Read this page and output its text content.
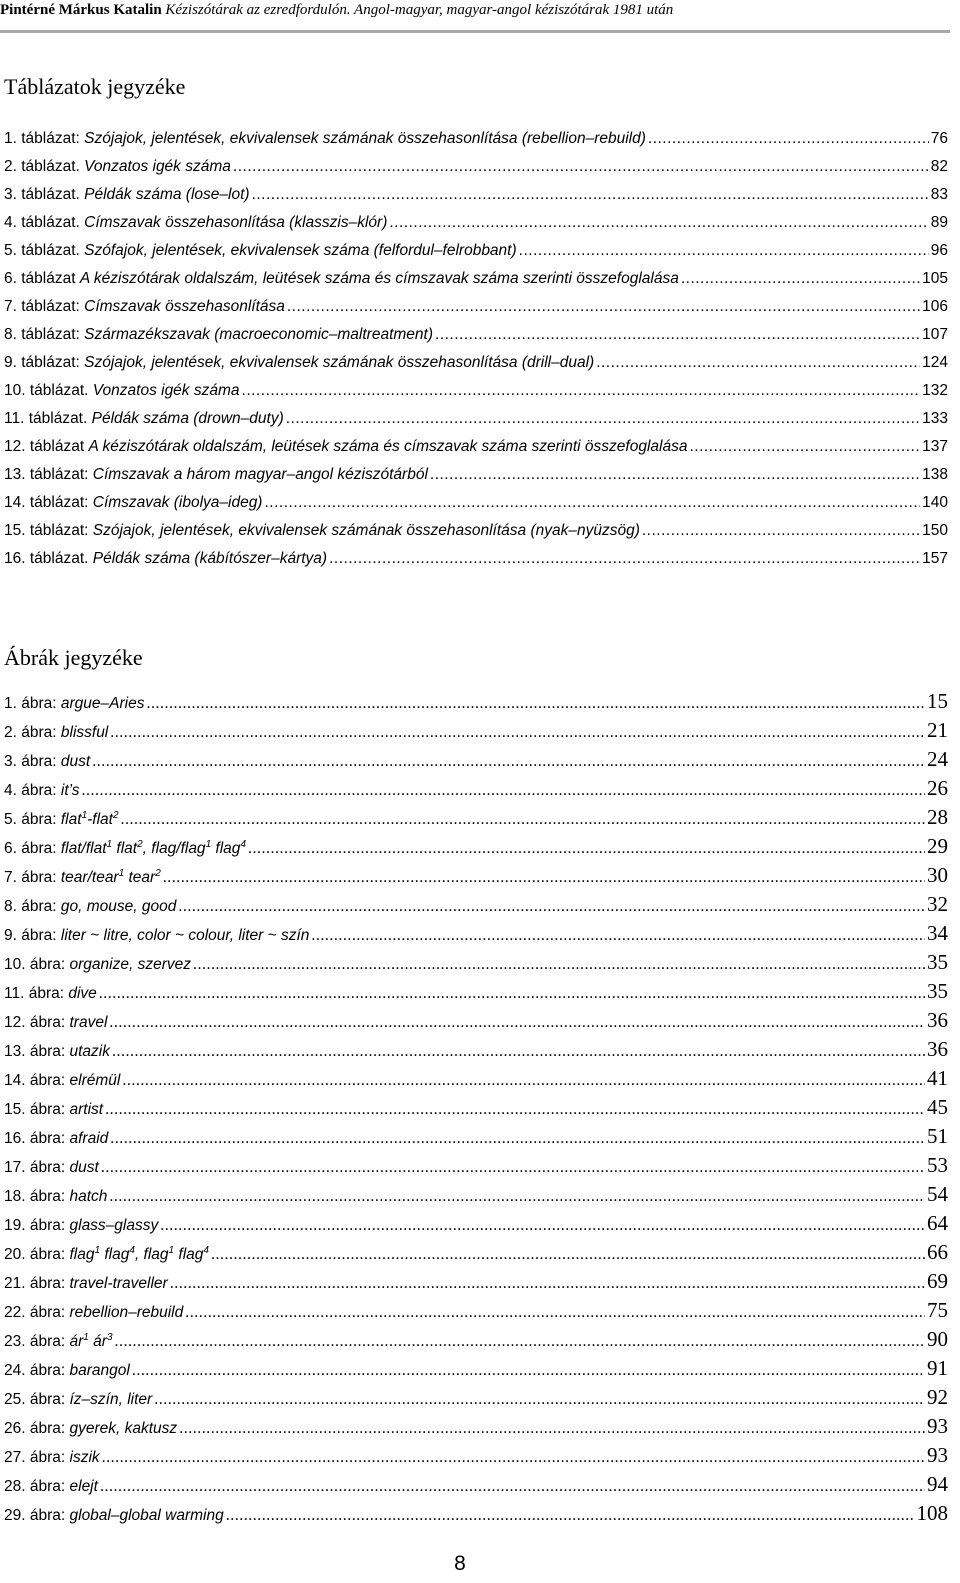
Pintérné Márkus Katalin Kéziszótárak az ezredfordulón. Angol-magyar, magyar-angol kéziszótárak 1981 után
Táblázatok jegyzéke
1. táblázat: Szójajok, jelentések, ekvivalensek számának összehasonlítása (rebellion–rebuild) .....	76
2. táblázat. Vonzatos igék száma .....	82
3. táblázat. Példák száma (lose–lot) .....	83
4. táblázat. Címszavak összehasonlítása (klasszis–klór) .....	89
5. táblázat. Szófajok, jelentések, ekvivalensek száma (felfordul–felrobbant) .....	96
6. táblázat A kéziszótárak oldalszám, leütések száma és címszavak száma szerinti összefoglalása .....	105
7. táblázat: Címszavak összehasonlítása .....	106
8. táblázat: Származékszavak (macroeconomic–maltreatment) .....	107
9. táblázat: Szójajok, jelentések, ekvivalensek számának összehasonlítása (drill–dual) .....	124
10. táblázat. Vonzatos igék száma .....	132
11. táblázat. Példák száma (drown–duty) .....	133
12. táblázat A kéziszótárak oldalszám, leütések száma és címszavak száma szerinti összefoglalása .....	137
13. táblázat: Címszavak a három magyar–angol kéziszótárból .....	138
14. táblázat: Címszavak (ibolya–ideg) .....	140
15. táblázat: Szójajok, jelentések, ekvivalensek számának összehasonlítása (nyak–nyüzsög) .....	150
16. táblázat. Példák száma (kábítószer–kártya) .....	157
Ábrák jegyzéke
1. ábra: argue–Aries .....	15
2. ábra: blissful .....	21
3. ábra: dust .....	24
4. ábra: it’s .....	26
5. ábra: flat$^1$-flat$^2$ .....	28
6. ábra: flat/flat$^1$ flat$^2$, flag/flag$^1$ flag$^4$ .....	29
7. ábra: tear/tear$^1$ tear$^2$ .....	30
8. ábra: go, mouse, good .....	32
9. ábra: liter ~ litre, color ~ colour, liter ~ szín .....	34
10. ábra: organize, szervez .....	35
11. ábra: dive .....	35
12. ábra: travel .....	36
13. ábra: utazik .....	36
14. ábra: elrémül .....	41
15. ábra: artist .....	45
16. ábra: afraid .....	51
17. ábra: dust .....	53
18. ábra: hatch .....	54
19. ábra: glass–glassy .....	64
20. ábra: flag$^1$ flag$^4$, flag$^1$ flag$^4$ .....	66
21. ábra: travel-traveller .....	69
22. ábra: rebellion–rebuild .....	75
23. ábra: $ár^1$ $ár^3$ .....	90
24. ábra: barangol .....	91
25. ábra: íz–szín, liter .....	92
26. ábra: gyerek, kaktusz .....	93
27. ábra: iszik .....	93
28. ábra: elejt .....	94
29. ábra: global–global warming .....	108
8
